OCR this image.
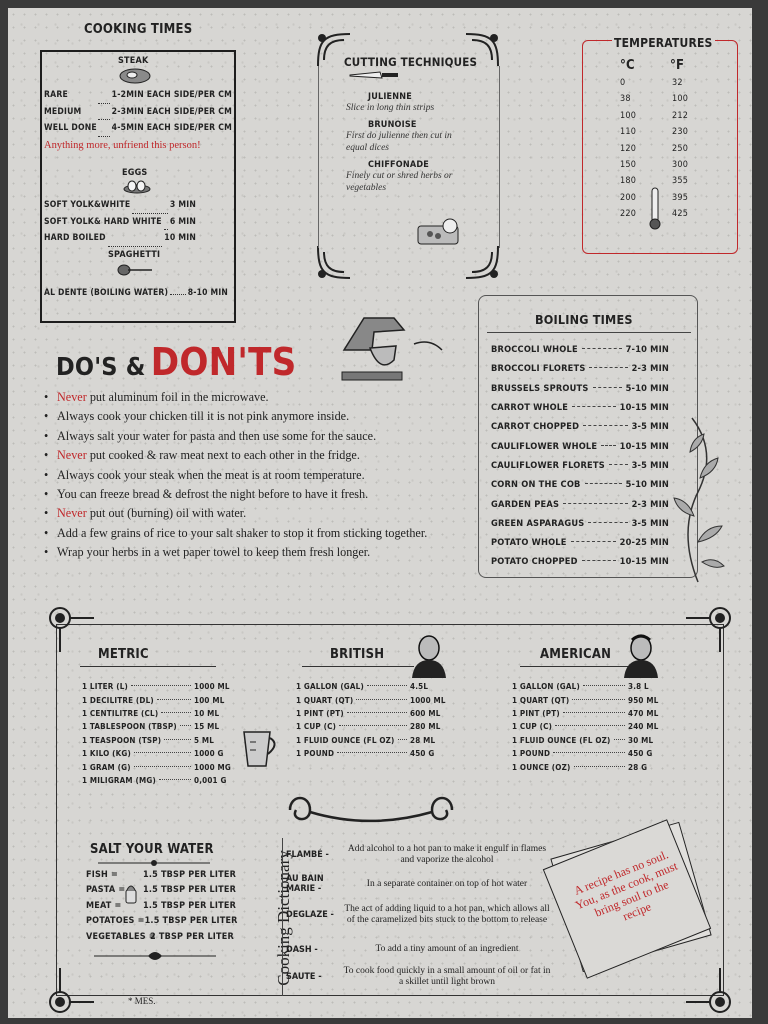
COOKING TIMES
STEAK
RARE	1-2MIN EACH SIDE/PER CM
MEDIUM	2-3MIN EACH SIDE/PER CM
WELL DONE 4-5MIN EACH SIDE/PER CM
Anything more, unfriend this person!
EGGS
SOFT YOLK&WHITE	3 MIN
SOFT YOLK& HARD WHITE 6 MIN
HARD BOILED	10 MIN
SPAGHETTI
AL DENTE (BOILING WATER) 8-10 MIN
CUTTING TECHNIQUES
JULIENNE
Slice in long thin strips
BRUNOISE
First do julienne then cut in equal dices
CHIFFONADE
Finely cut or shred herbs or vegetables
TEMPERATURES
°C	°F
0	32
38	100
100	212
110	230
120	250
150	300
180	355
200	395
220	425
DO'S & DON'TS
• Never put aluminum foil in the microwave.
• Always cook your chicken till it is not pink anymore inside.
• Always salt your water for pasta and then use some for the sauce.
• Never put cooked & raw meat next to each other in the fridge.
• Always cook your steak when the meat is at room temperature.
• You can freeze bread & defrost the night before to have it fresh.
• Never put out (burning) oil with water.
• Add a few grains of rice to your salt shaker to stop it from sticking together.
• Wrap your herbs in a wet paper towel to keep them fresh longer.
BOILING TIMES
BROCCOLI WHOLE	7-10 MIN
BROCCOLI FLORETS	2-3 MIN
BRUSSELS SPROUTS	5-10 MIN
CARROT WHOLE	10-15 MIN
CARROT CHOPPED	3-5 MIN
CAULIFLOWER WHOLE 10-15 MIN
CAULIFLOWER FLORETS	3-5 MIN
CORN ON THE COB	5-10 MIN
GARDEN PEAS	2-3 MIN
GREEN ASPARAGUS	3-5 MIN
POTATO WHOLE	20-25 MIN
POTATO CHOPPED	10-15 MIN
METRIC
1 LITER (L)	1000 ML
1 DECILITRE (DL)	100 ML
1 CENTILITRE (CL)	10 ML
1 TABLESPOON (TBSP) 15 ML
1 TEASPOON (TSP)	5 ML
1 KILO (KG)	1000 G
1 GRAM (G)	1000 MG
1 MILIGRAM (MG)	0,001 G
BRITISH
1 GALLON (GAL)	4.5L
1 QUART (QT)	1000 ML
1 PINT (PT)	600 ML
1 CUP (C)	280 ML
1 FLUID OUNCE (FL OZ) 28 ML
1 POUND	450 G
AMERICAN
1 GALLON (GAL)	3.8 L
1 QUART (QT)	950 ML
1 PINT (PT)	470 ML
1 CUP (C)	240 ML
1 FLUID OUNCE (FL OZ) 30 ML
1 POUND	450 G
1 OUNCE (OZ)	28 G
SALT YOUR WATER
FISH =	1.5 TBSP PER LITER
PASTA =	1.5 TBSP PER LITER
MEAT =	1.5 TBSP PER LITER
POTATOES = 1.5 TBSP PER LITER
VEGETABLES =
2 TBSP PER LITER Cooking Dictionary
FLAMBÉ -
Add alcohol to a hot pan to make it engulf in flames and vaporize the alcohol
AU BAIN MARIE -
In a separate container on top of hot water
DEGLAZE -
The act of adding liquid to a hot pan, which allows all of the caramelized bits stuck to the bottom to release
DASH -	To add a tiny amount of an ingredient
SAUTE -
To cook food quickly in a small amount of oil or fat in a skillet until light brown
A recipe has no soul. You, as the cook, must bring soul to the recipe
* MES.
